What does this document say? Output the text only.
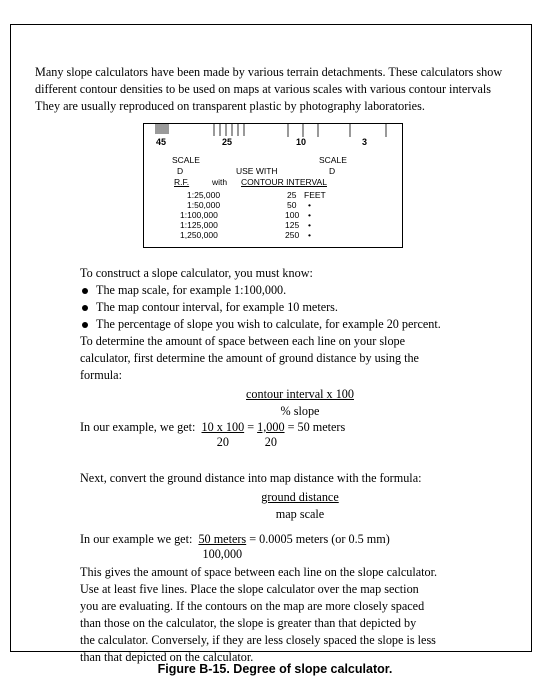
Many slope calculators have been made by various terrain detachments. These calculators show
different contour densities to be used on maps at various scales with various contour intervals
They are usually reproduced on transparent plastic by photography laboratories.
45	25	10	3
SCALE	SCALE
D	USE WITH	D
R.F.	with CONTOUR INTERVAL
1:25,000	25 FEET
1:50,000	50 •
1:100,000	100 •
1:125,000	125 •
1,250,000	250 •
To construct a slope calculator, you must know:
The map scale, for example 1:100,000.
The map contour interval, for example 10 meters.
The percentage of slope you wish to calculate, for example 20 percent.
To determine the amount of space between each line on your slope
calculator, first determine the amount of ground distance by using the
formula:
contour interval x 100
% slope
In our example, we get: $\frac{10 x 100}{20} = \frac{1,000}{20} = 50$ meters
Next, convert the ground distance into map distance with the formula:
ground distance
map scale
In our example we get: $\frac{\text{50 meters}}{100,000} = 0.0005$ meters (or 0.5 mm)
This gives the amount of space between each line on the slope calculator.
Use at least five lines. Place the slope calculator over the map section
you are evaluating. If the contours on the map are more closely spaced
than those on the calculator, the slope is greater than that depicted by
the calculator. Conversely, if they are less closely spaced the slope is less
than that depicted on the calculator.
Figure B-15. Degree of slope calculator.
